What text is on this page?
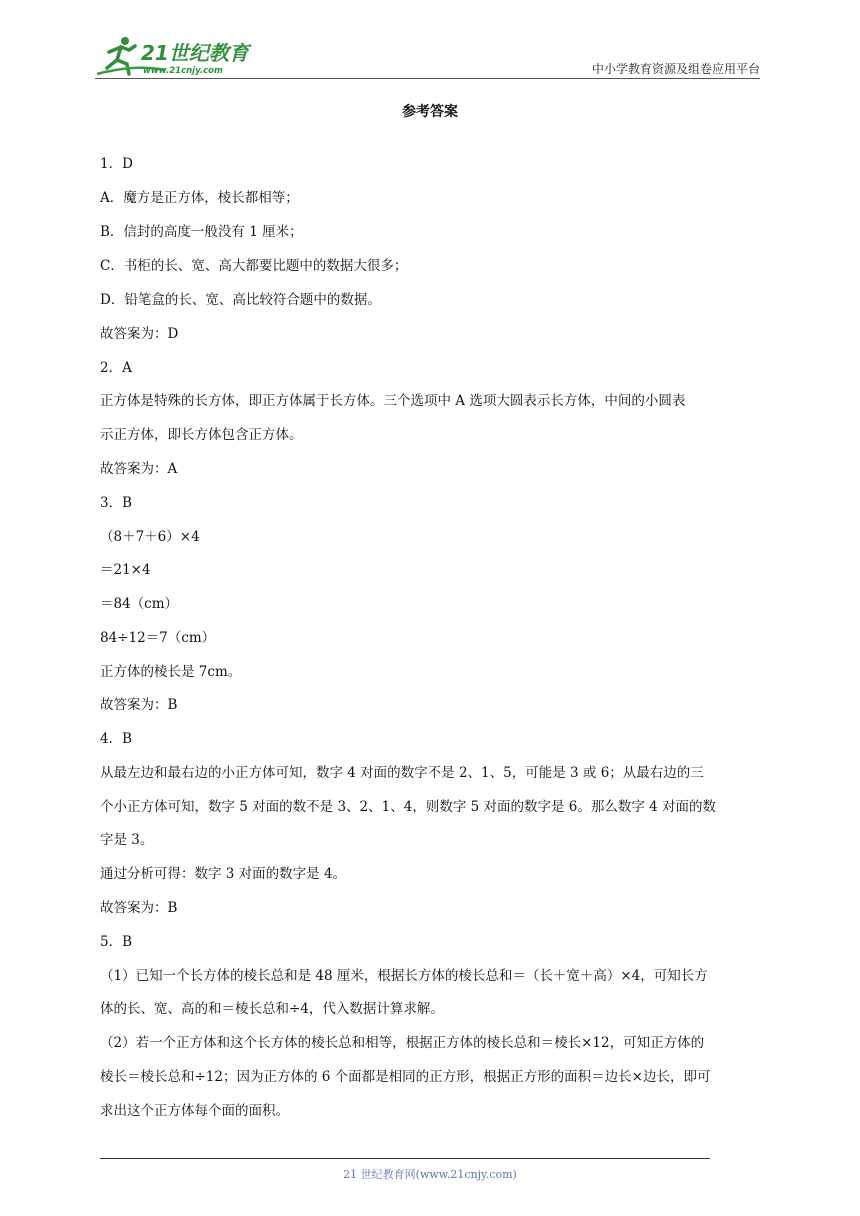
21世纪教育
www.21cnjy.com	中小学教育资源及组卷应用平台
参考答案
1．D
A．魔方是正方体，棱长都相等；
B．信封的高度一般没有 1 厘米；
C．书柜的长、宽、高大都要比题中的数据大很多；
D．铅笔盒的长、宽、高比较符合题中的数据。
故答案为：D
2．A
正方体是特殊的长方体，即正方体属于长方体。三个选项中 A 选项大圆表示长方体，中间的小圆表
示正方体，即长方体包含正方体。
故答案为：A
3．B
（8＋7＋6）×4
＝21×4
＝84（cm）
84÷12＝7（cm）
正方体的棱长是 7cm。
故答案为：B
4．B
从最左边和最右边的小正方体可知，数字 4 对面的数字不是 2、1、5，可能是 3 或 6；从最右边的三
个小正方体可知，数字 5 对面的数不是 3、2、1、4，则数字 5 对面的数字是 6。那么数字 4 对面的数
字是 3。
通过分析可得：数字 3 对面的数字是 4。
故答案为：B
5．B
（1）已知一个长方体的棱长总和是 48 厘米，根据长方体的棱长总和＝（长＋宽＋高）×4，可知长方
体的长、宽、高的和＝棱长总和÷4，代入数据计算求解。
（2）若一个正方体和这个长方体的棱长总和相等，根据正方体的棱长总和＝棱长×12，可知正方体的
棱长＝棱长总和÷12；因为正方体的 6 个面都是相同的正方形，根据正方形的面积＝边长×边长，即可
求出这个正方体每个面的面积。
21 世纪教育网(www.21cnjy.com)
